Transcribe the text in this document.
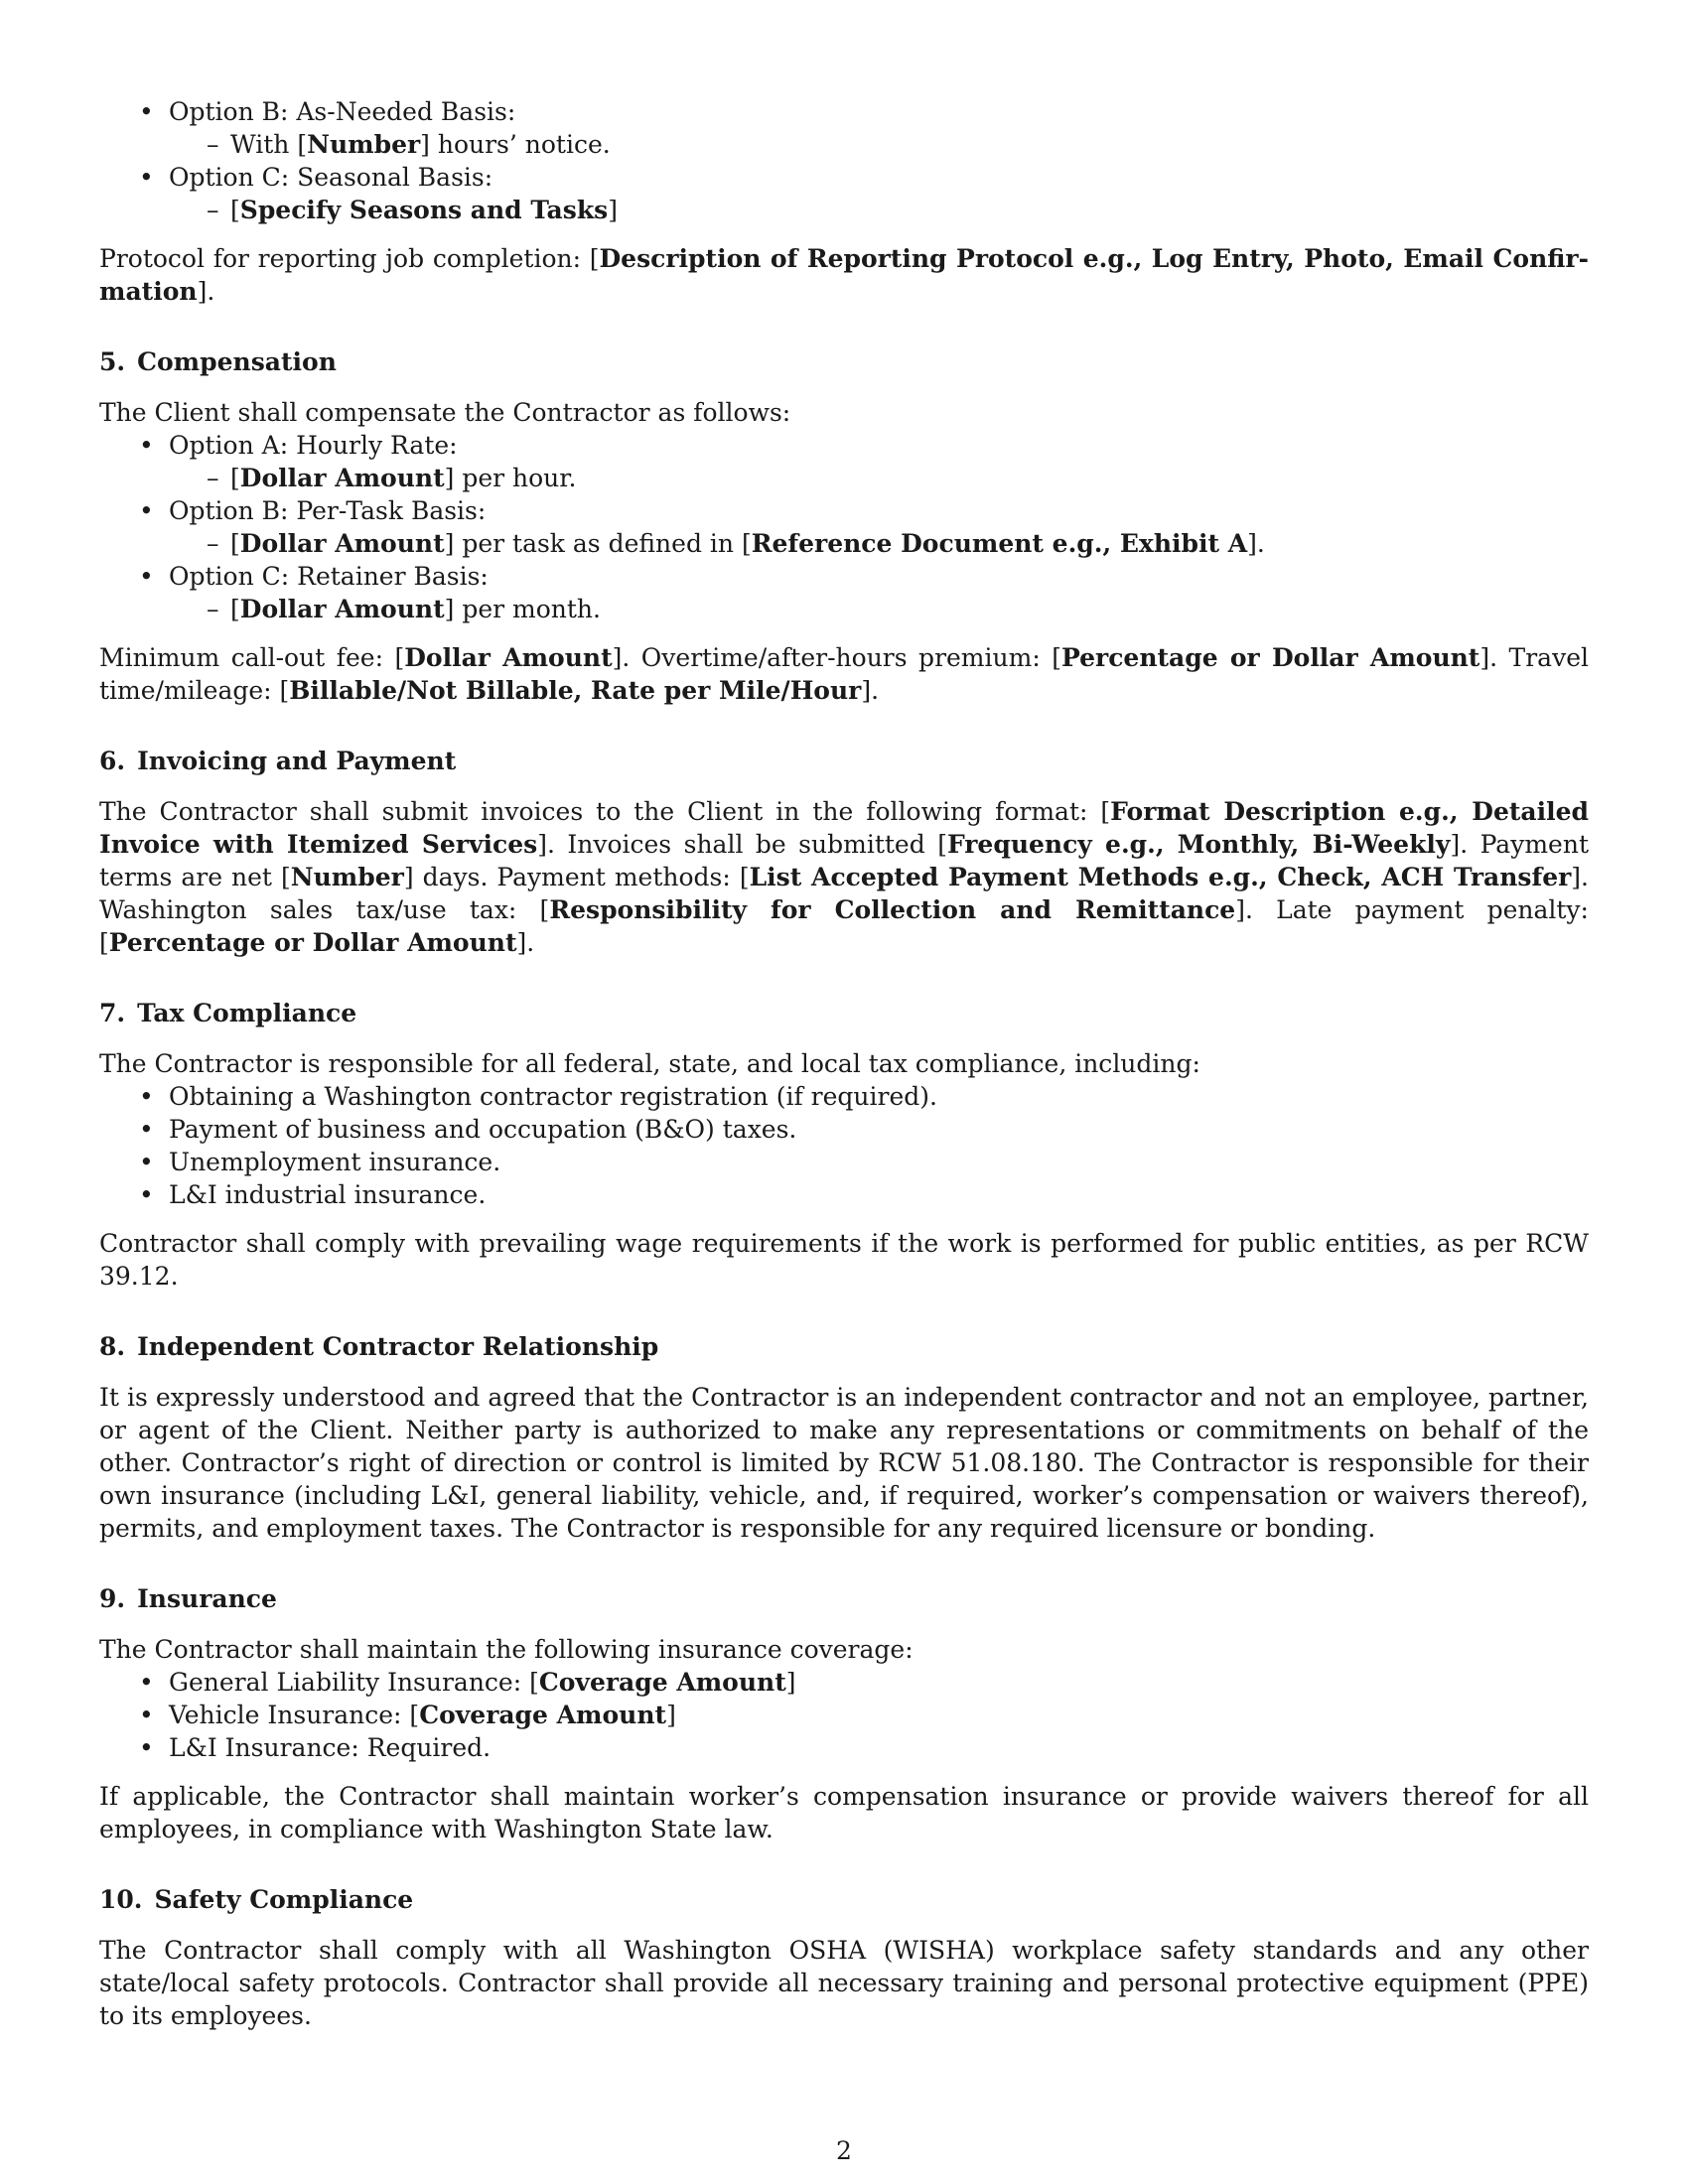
• Option B: As-Needed Basis:
– With [Number] hours’ notice.
• Option C: Seasonal Basis:
– [Specify Seasons and Tasks]

Protocol for reporting job completion: [Description of Reporting Protocol e.g., Log Entry, Photo, Email Confirmation].

5. Compensation

The Client shall compensate the Contractor as follows:

• Option A: Hourly Rate:
– [Dollar Amount] per hour.
• Option B: Per-Task Basis:
– [Dollar Amount] per task as defined in [Reference Document e.g., Exhibit A].
• Option C: Retainer Basis:
– [Dollar Amount] per month.

Minimum call-out fee: [Dollar Amount]. Overtime/after-hours premium: [Percentage or Dollar Amount]. Travel time/mileage: [Billable/Not Billable, Rate per Mile/Hour].

6. Invoicing and Payment

The Contractor shall submit invoices to the Client in the following format: [Format Description e.g., Detailed Invoice with Itemized Services]. Invoices shall be submitted [Frequency e.g., Monthly, Bi-Weekly]. Payment terms are net [Number] days. Payment methods: [List Accepted Payment Methods e.g., Check, ACH Transfer]. Washington sales tax/use tax: [Responsibility for Collection and Remittance]. Late payment penalty: [Percentage or Dollar Amount].

7. Tax Compliance

The Contractor is responsible for all federal, state, and local tax compliance, including:

• Obtaining a Washington contractor registration (if required).
• Payment of business and occupation (B&O) taxes.
• Unemployment insurance.
• L&I industrial insurance.

Contractor shall comply with prevailing wage requirements if the work is performed for public entities, as per RCW 39.12.

8. Independent Contractor Relationship

It is expressly understood and agreed that the Contractor is an independent contractor and not an employee, partner, or agent of the Client. Neither party is authorized to make any representations or commitments on behalf of the other. Contractor’s right of direction or control is limited by RCW 51.08.180. The Contractor is responsible for their own insurance (including L&I, general liability, vehicle, and, if required, worker’s compensation or waivers thereof), permits, and employment taxes. The Contractor is responsible for any required licensure or bonding.

9. Insurance

The Contractor shall maintain the following insurance coverage:

• General Liability Insurance: [Coverage Amount]
• Vehicle Insurance: [Coverage Amount]
• L&I Insurance: Required.

If applicable, the Contractor shall maintain worker’s compensation insurance or provide waivers thereof for all employees, in compliance with Washington State law.

10. Safety Compliance

The Contractor shall comply with all Washington OSHA (WISHA) workplace safety standards and any other state/local safety protocols. Contractor shall provide all necessary training and personal protective equipment (PPE) to its employees.

2
